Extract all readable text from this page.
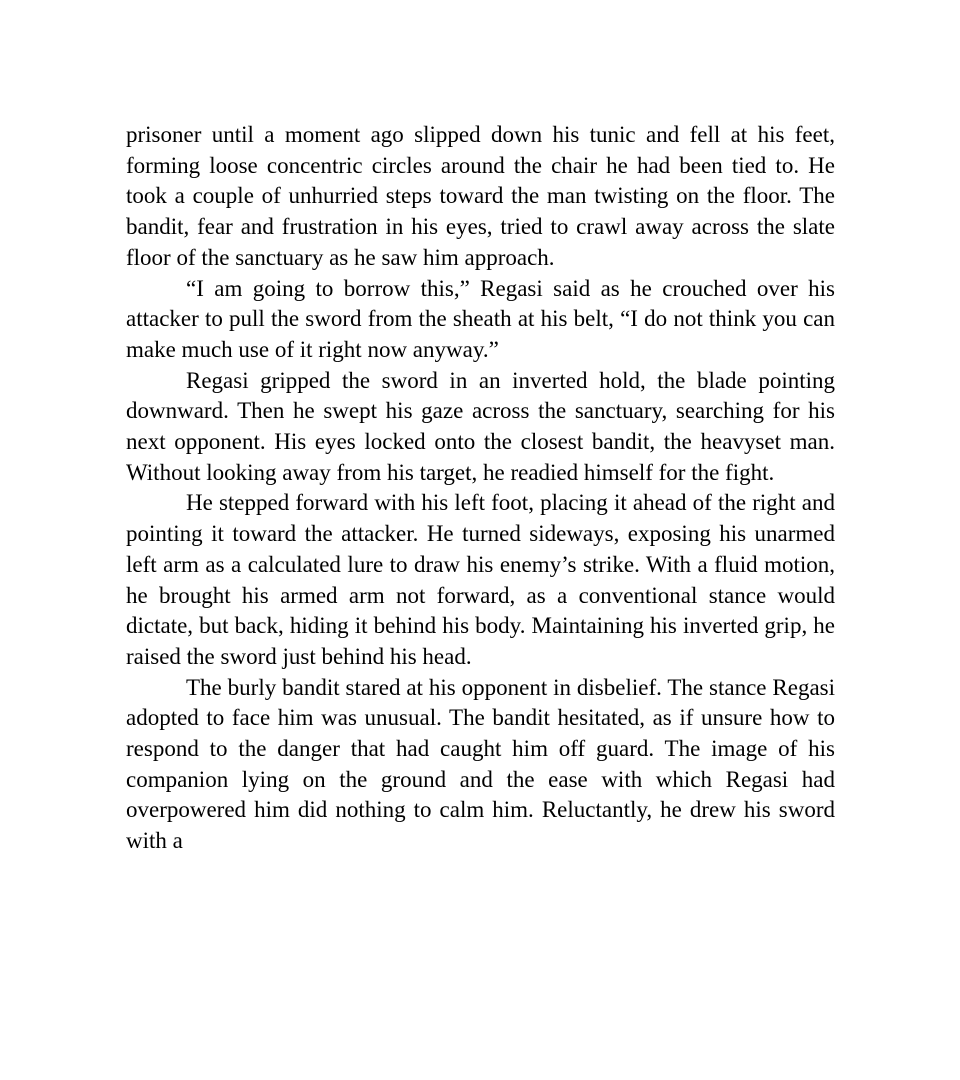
prisoner until a moment ago slipped down his tunic and fell at his feet, forming loose concentric circles around the chair he had been tied to. He took a couple of unhurried steps toward the man twisting on the floor. The bandit, fear and frustration in his eyes, tried to crawl away across the slate floor of the sanctuary as he saw him approach.

“I am going to borrow this,” Regasi said as he crouched over his attacker to pull the sword from the sheath at his belt, “I do not think you can make much use of it right now anyway.”

Regasi gripped the sword in an inverted hold, the blade pointing downward. Then he swept his gaze across the sanctuary, searching for his next opponent. His eyes locked onto the closest bandit, the heavyset man. Without looking away from his target, he readied himself for the fight.

He stepped forward with his left foot, placing it ahead of the right and pointing it toward the attacker. He turned sideways, exposing his unarmed left arm as a calculated lure to draw his enemy’s strike. With a fluid motion, he brought his armed arm not forward, as a conventional stance would dictate, but back, hiding it behind his body. Maintaining his inverted grip, he raised the sword just behind his head.

The burly bandit stared at his opponent in disbelief. The stance Regasi adopted to face him was unusual. The bandit hesitated, as if unsure how to respond to the danger that had caught him off guard. The image of his companion lying on the ground and the ease with which Regasi had overpowered him did nothing to calm him. Reluctantly, he drew his sword with a
